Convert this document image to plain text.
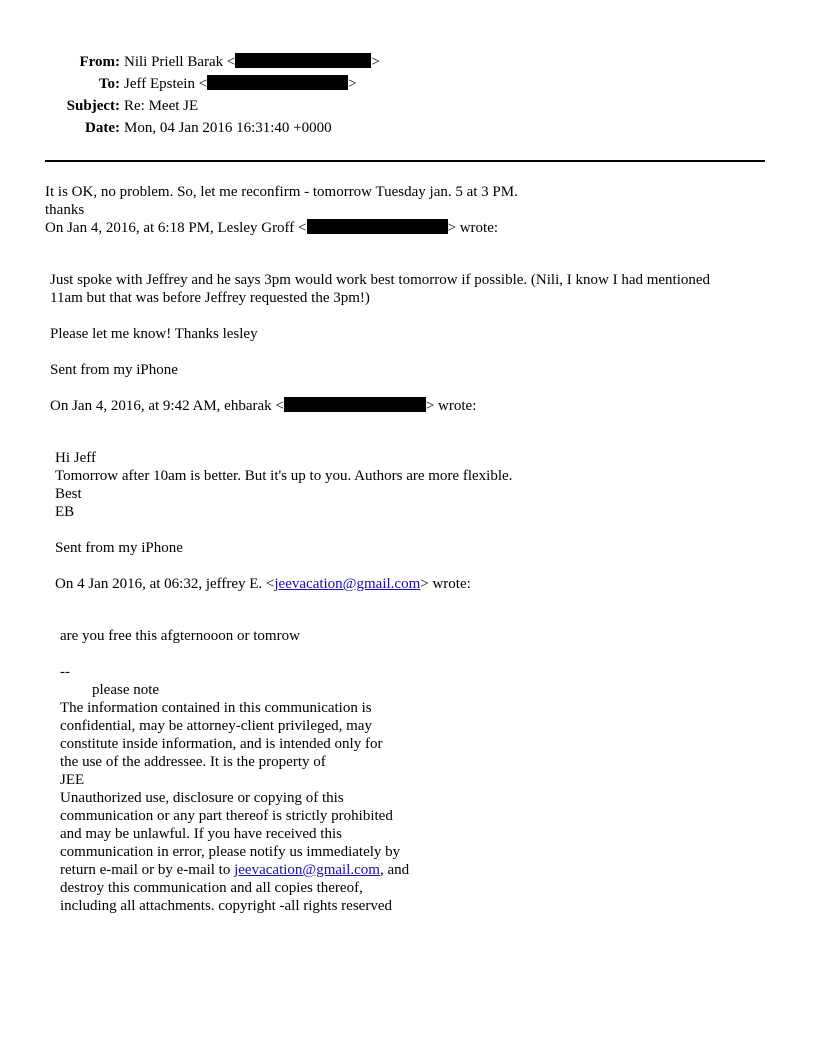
From: Nili Priell Barak <	>
To: Jeff Epstein <	>
Subject: Re: Meet JE
Date: Mon, 04 Jan 2016 16:31:40 +0000
It is OK, no problem. So, let me reconfirm - tomorrow Tuesday jan. 5 at 3 PM.
thanks
On Jan 4, 2016, at 6:18 PM, Lesley Groff <	> wrote:
Just spoke with Jeffrey and he says 3pm would work best tomorrow if possible. (Nili, I know I had mentioned
11am but that was before Jeffrey requested the 3pm!)
Please let me know! Thanks lesley
Sent from my iPhone
On Jan 4, 2016, at 9:42 AM, ehbarak <	> wrote:
Hi Jeff
Tomorrow after 10am is better. But it's up to you. Authors are more flexible.
Best
EB
Sent from my iPhone
On 4 Jan 2016, at 06:32, jeffrey E. <jeevacation@gmail.com> wrote:
are you free this afgternooon or tomrow
--
please note
The information contained in this communication is
confidential, may be attorney-client privileged, may
constitute inside information, and is intended only for
the use of the addressee. It is the property of
JEE
Unauthorized use, disclosure or copying of this
communication or any part thereof is strictly prohibited
and may be unlawful. If you have received this
communication in error, please notify us immediately by
return e-mail or by e-mail to jeevacation@gmail.com, and
destroy this communication and all copies thereof,
including all attachments. copyright -all rights reserved
